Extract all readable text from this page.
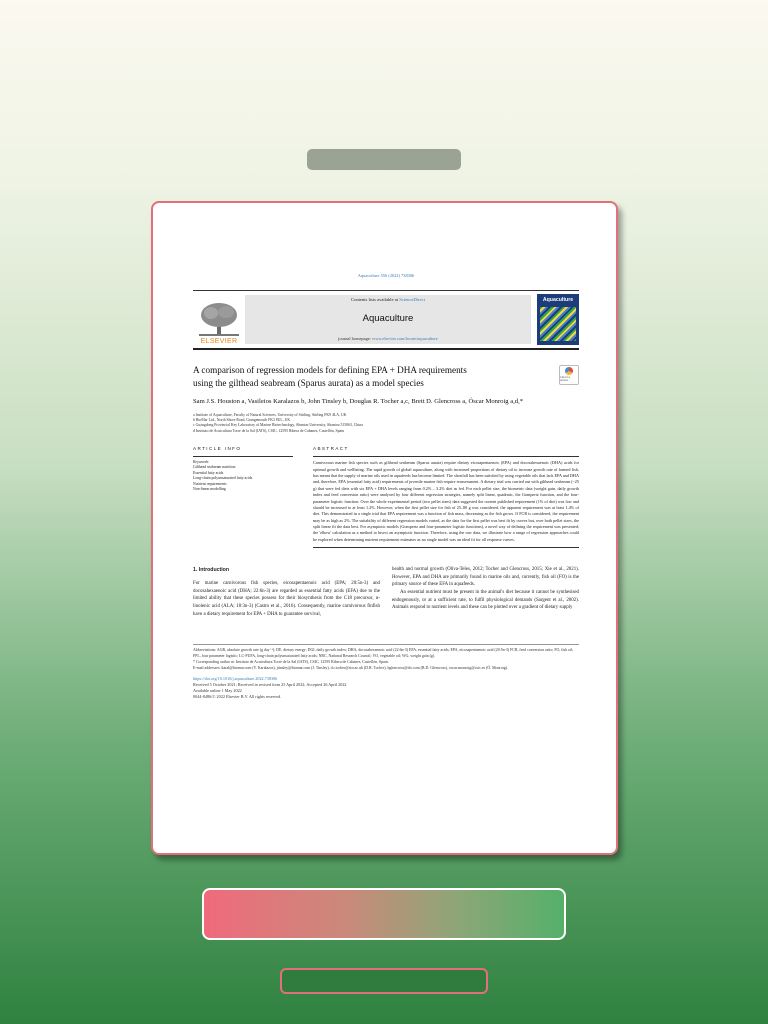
Aquaculture 556 (2022) 738306
ELSEVIER
Contents lists available at ScienceDirect
Aquaculture
journal homepage: www.elsevier.com/locate/aquaculture
Aquaculture
A comparison of regression models for defining EPA + DHA requirements
using the gilthead seabream (Sparus aurata) as a model species
Check for updates
Sam J.S. Houston a, Vasileios Karalazos b, John Tinsley b, Douglas R. Tocher a,c, Brett D. Glencross a, Óscar Monroig a,d,*
a Institute of Aquaculture, Faculty of Natural Sciences, University of Stirling, Stirling FK9 4LA, UK
b BioMar Ltd., North Shore Road, Grangemouth FK3 8UL, UK
c Guangdong Provincial Key Laboratory of Marine Biotechnology, Shantou University, Shantou 515063, China
d Instituto de Acuicultura Torre de la Sal (IATS), CSIC, 12595 Ribera de Cabanes, Castellón, Spain
ARTICLE INFO
Keywords:
Gilthead seabream nutrition
Essential fatty acids
Long-chain polyunsaturated fatty acids
Nutrient requirements
Non-linear modelling
ABSTRACT
Carnivorous marine fish species such as gilthead seabream (Sparus aurata) require dietary eicosapentaenoic (EPA) and docosahexaenoic (DHA) acids for optimal growth and wellbeing. The rapid growth of global aquaculture, along with increased proportions of dietary oil to increase growth rate of farmed fish, has meant that the supply of marine oils used in aquafeeds has become limited. The shortfall has been satisfied by using vegetable oils that lack EPA and DHA and, therefore, EPA (essential fatty acid) requirements of juvenile marine fish require reassessment. A dietary trial was carried out with gilthead seabream (~25 g) that were fed diets with six EPA + DHA levels ranging from 0.2% – 3.2% diet as fed. For each pellet size, the biometric data (weight gain, daily growth index and feed conversion ratio) were analysed by four different regression strategies, namely split linear, quadratic, the Gompertz function, and the four-parameter logistic function. Over the whole experimental period (two pellet sizes) data suggested the current published requirement (1% of diet) was low and should be increased to at least 1.2%. However, when the first pellet size for fish of 25–80 g was considered, the apparent requirement was at least 1.4% of diet. This demonstrated in a single trial that EPA requirement was a function of fish mass, decreasing as the fish grows. If FCR is considered, the requirement may be as high as 2%. The suitability of different regression models varied, as the data for the first pellet was best fit by curves but, over both pellet sizes, the split linear fit the data best. For asymptotic models (Gompertz and four-parameter logistic functions), a novel way of defining the requirement was presented; the 'elbow' calculation as a method to bisect an asymptotic function. Therefore, using the raw data, we illustrate how a range of regression approaches could be explored when determining nutrient requirement estimates as no single model was an ideal fit for all response curves.
1. Introduction

For marine carnivorous fish species, eicosapentaenoic acid (EPA; 20:5n-3) and docosahexaenoic acid (DHA; 22:6n-3) are regarded as essential fatty acids (EFA) due to the limited ability that these species possess for their biosynthesis from the C18 precursor, α-linolenic acid (ALA; 18:3n-3) (Castro et al., 2016). Consequently, marine carnivorous finfish have a dietary requirement for EPA + DHA to guarantee survival,

health and normal growth (Oliva-Teles, 2012; Tocher and Glencross, 2015; Xie et al., 2021). However, EPA and DHA are primarily found in marine oils and, currently, fish oil (FO) is the primary source of these EFA in aquafeeds.

An essential nutrient must be present in the animal's diet because it cannot be synthesised endogenously, or at a sufficient rate, to fulfil physiological demands (Sargent et al., 2002). Animals respond to nutrient levels and these can be plotted over a gradient of dietary supply

Abbreviations: AGR, absolute growth rate (g day⁻¹); DE, dietary energy; DGI, daily growth index; DHA, docosahexaenoic acid (22:6n-3) EFA, essential fatty acids; EPA, eicosapentaenoic acid (20:5n-3) FCR, feed conversion ratio; FO, fish oil; FPL, four parameter logistic; LC-PUFA, long-chain polyunsaturated fatty acids; NRC, National Research Council; VO, vegetable oil; WG, weight gain (g).
* Corresponding author at: Instituto de Acuicultura Torre de la Sal (IATS), CSIC, 12595 Ribera de Cabanes, Castellón, Spain.
E-mail addresses: karal@biomar.com (V. Karalazos), jtinsley@biomar.com (J. Tinsley), d.r.tocher@stir.ac.uk (D.R. Tocher), bglencross@ifo.com (B.D. Glencross), oscar.monroig@csic.es (Ó. Monroig).
https://doi.org/10.1016/j.aquaculture.2022.738306
Received 5 October 2021; Received in revised form 25 April 2022; Accepted 26 April 2022
Available online 1 May 2022
0044-8486/© 2022 Elsevier B.V. All rights reserved.
